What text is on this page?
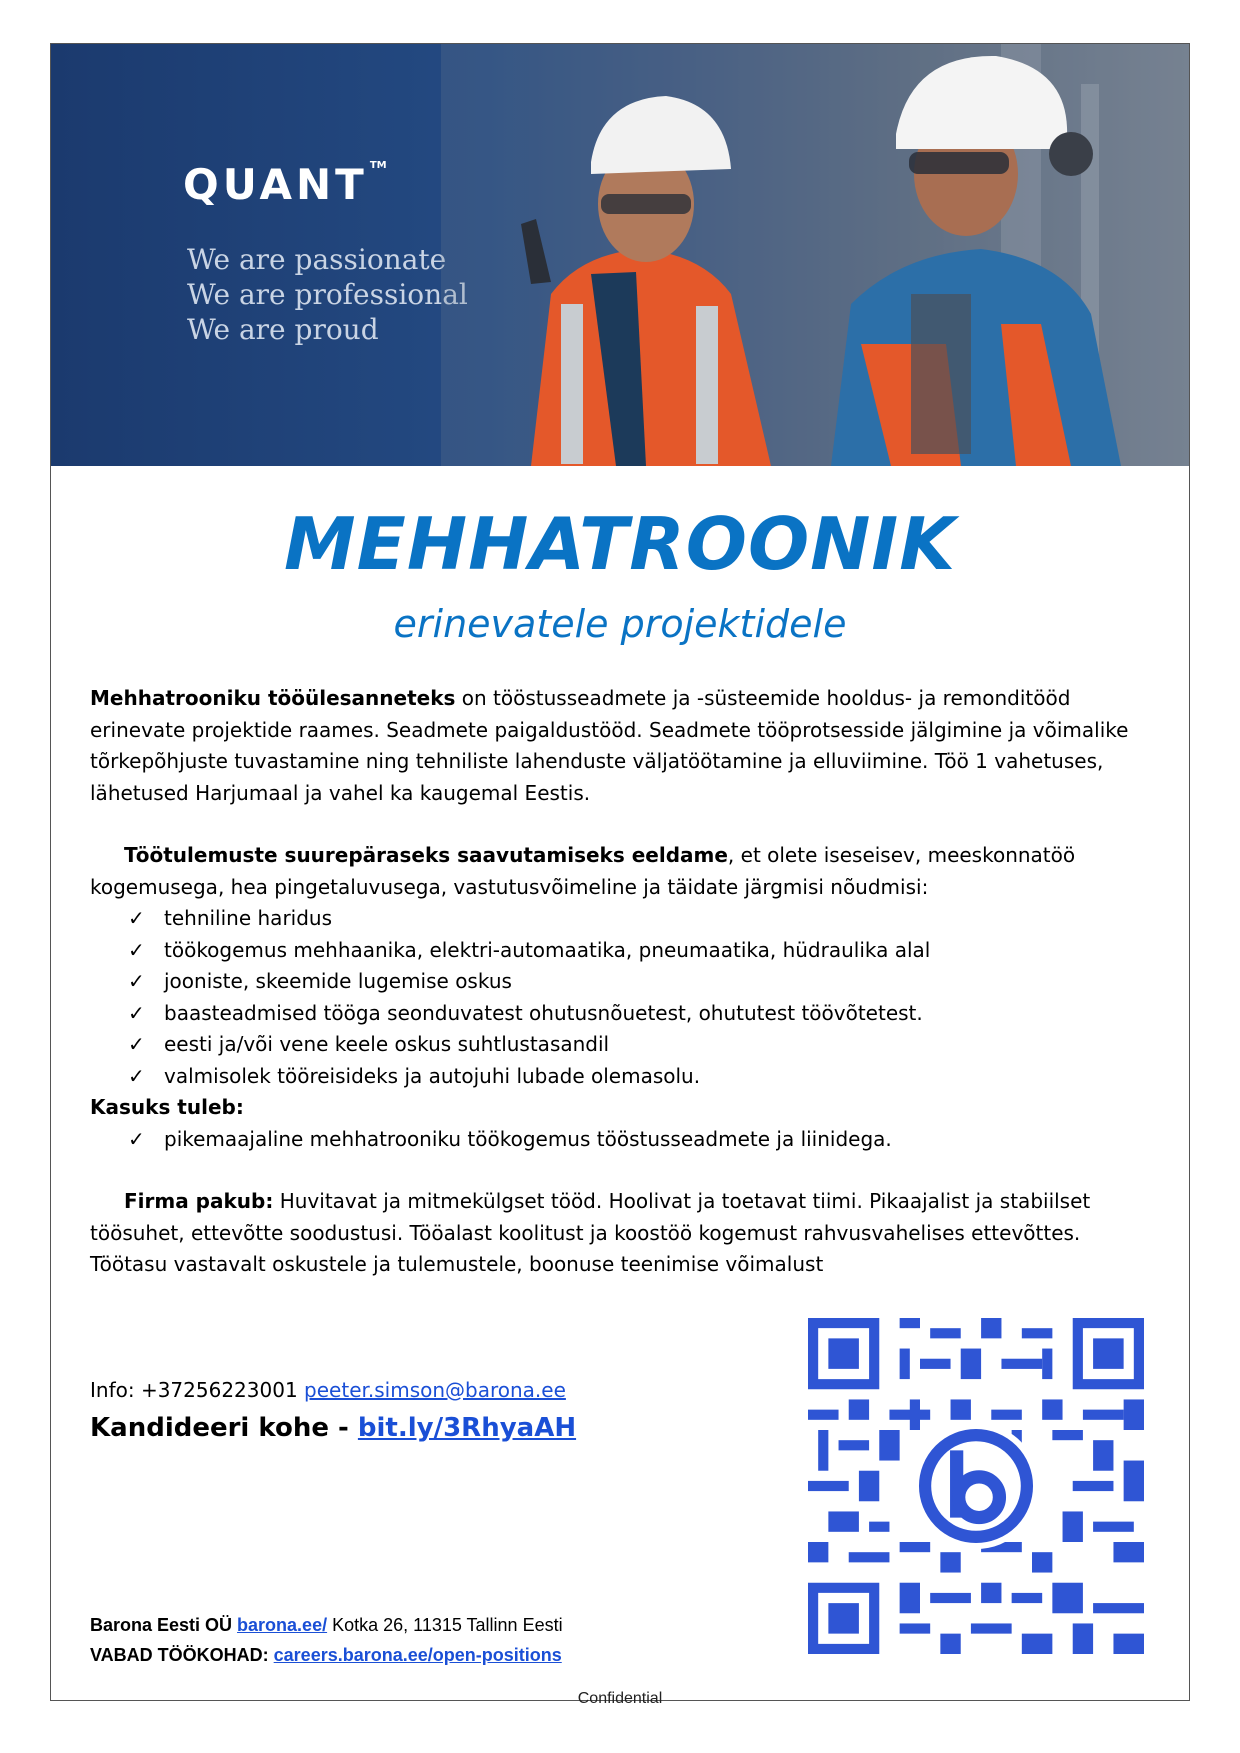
QUANT ™
We are passionate
We are professional
We are proud
MEHHATROONIK
erinevatele projektidele

Mehhatrooniku tööülesanneteks on tööstusseadmete ja -süsteemide hooldus- ja remonditööd erinevate projektide raames. Seadmete paigaldustööd. Seadmete tööprotsesside jälgimine ja võimalike tõrkepõhjuste tuvastamine ning tehniliste lahenduste väljatöötamine ja elluviimine. Töö 1 vahetuses, lähetused Harjumaal ja vahel ka kaugemal Eestis.

Töötulemuste suurepäraseks saavutamiseks eeldame, et olete iseseisev, meeskonnatöö kogemusega, hea pingetaluvusega, vastutusvõimeline ja täidate järgmisi nõudmisi:

✓ tehniline haridus
✓ töökogemus mehhaanika, elektri-automaatika, pneumaatika, hüdraulika alal
✓ jooniste, skeemide lugemise oskus
✓ baasteadmised tööga seonduvatest ohutusnõuetest, ohututest töövõtetest.
✓ eesti ja/või vene keele oskus suhtlustasandil
✓ valmisolek tööreisideks ja autojuhi lubade olemasolu.

Kasuks tuleb:

✓ pikemaajaline mehhatrooniku töökogemus tööstusseadmete ja liinidega.

Firma pakub: Huvitavat ja mitmekülgset tööd. Hoolivat ja toetavat tiimi. Pikaajalist ja stabiilset töösuhet, ettevõtte soodustusi. Tööalast koolitust ja koostöö kogemust rahvusvahelises ettevõttes. Töötasu vastavalt oskustele ja tulemustele, boonuse teenimise võimalust

Info: +37256223001 peeter.simson@barona.ee
Kandideeri kohe - bit.ly/3RhyaAH
Barona Eesti OÜ barona.ee/ Kotka 26, 11315 Tallinn Eesti
VABAD TÖÖKOHAD: careers.barona.ee/open-positions
Confidential
